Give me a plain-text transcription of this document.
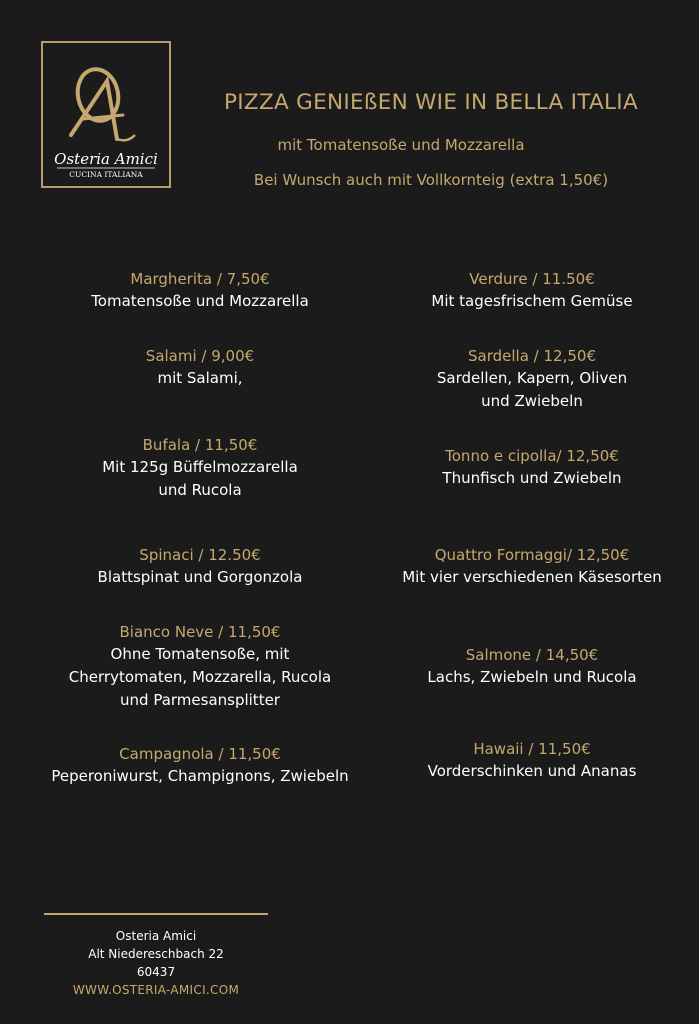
Osteria Amici
CUCINA ITALIANA
PIZZA GENIEßEN WIE IN BELLA ITALIA
mit Tomatensoße und Mozzarella
Bei Wunsch auch mit Vollkornteig (extra 1,50€)
Margherita / 7,50€
Tomatensoße und Mozzarella
Salami / 9,00€
mit Salami,
Bufala / 11,50€
Mit 125g Büffelmozzarella
und Rucola
Spinaci / 12.50€
Blattspinat und Gorgonzola
Bianco Neve / 11,50€
Ohne Tomatensoße, mit
Cherrytomaten, Mozzarella, Rucola
und Parmesansplitter
Campagnola / 11,50€
Peperoniwurst, Champignons, Zwiebeln
Verdure / 11.50€
Mit tagesfrischem Gemüse
Sardella / 12,50€
Sardellen, Kapern, Oliven
und Zwiebeln
Tonno e cipolla/ 12,50€
Thunfisch und Zwiebeln
Quattro Formaggi/ 12,50€
Mit vier verschiedenen Käsesorten
Salmone / 14,50€
Lachs, Zwiebeln und Rucola
Hawaii / 11,50€
Vorderschinken und Ananas
Osteria Amici
Alt Niedereschbach 22
60437
WWW.OSTERIA-AMICI.COM
